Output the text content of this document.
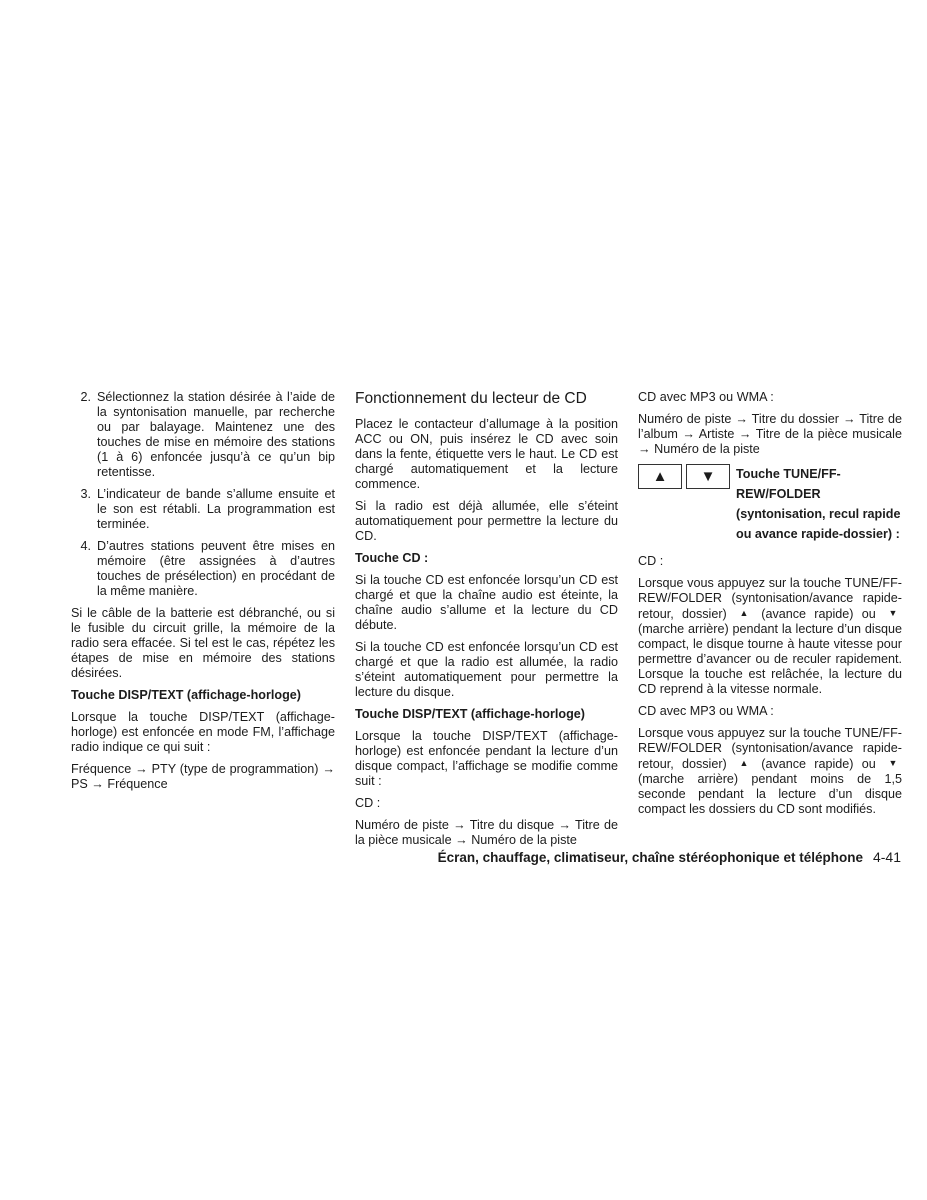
2. Sélectionnez la station désirée à l’aide de la syntonisation manuelle, par recherche ou par balayage. Maintenez une des touches de mise en mémoire des stations (1 à 6) enfoncée jusqu’à ce qu’un bip retentisse.
3. L’indicateur de bande s’allume ensuite et le son est rétabli. La programmation est terminée.
4. D’autres stations peuvent être mises en mémoire (être assignées à d’autres touches de présélection) en procédant de la même manière.

Si le câble de la batterie est débranché, ou si le fusible du circuit grille, la mémoire de la radio sera effacée. Si tel est le cas, répétez les étapes de mise en mémoire des stations désirées.

Touche DISP/TEXT (affichage-horloge)

Lorsque la touche DISP/TEXT (affichage-horloge) est enfoncée en mode FM, l’affichage radio indique ce qui suit :

Fréquence → PTY (type de programmation) → PS → Fréquence

Fonctionnement du lecteur de CD

Placez le contacteur d’allumage à la position ACC ou ON, puis insérez le CD avec soin dans la fente, étiquette vers le haut. Le CD est chargé automatiquement et la lecture commence.

Si la radio est déjà allumée, elle s’éteint automatiquement pour permettre la lecture du CD.

Touche CD :

Si la touche CD est enfoncée lorsqu’un CD est chargé et que la chaîne audio est éteinte, la chaîne audio s’allume et la lecture du CD débute.

Si la touche CD est enfoncée lorsqu’un CD est chargé et que la radio est allumée, la radio s’éteint automatiquement pour permettre la lecture du disque.

Touche DISP/TEXT (affichage-horloge)

Lorsque la touche DISP/TEXT (affichage-horloge) est enfoncée pendant la lecture d’un disque compact, l’affichage se modifie comme suit :

CD :

Numéro de piste → Titre du disque → Titre de la pièce musicale → Numéro de la piste

CD avec MP3 ou WMA :

Numéro de piste → Titre du dossier → Titre de l’album → Artiste → Titre de la pièce musicale → Numéro de la piste

▲ ▼ Touche TUNE/FF-REW/FOLDER (syntonisation, recul rapide ou avance rapide-dossier) :

CD :

Lorsque vous appuyez sur la touche TUNE/FF-REW/FOLDER (syntonisation/avance rapide-retour, dossier) ▲ (avance rapide) ou ▼ (marche arrière) pendant la lecture d’un disque compact, le disque tourne à haute vitesse pour permettre d’avancer ou de reculer rapidement. Lorsque la touche est relâchée, la lecture du CD reprend à la vitesse normale.

CD avec MP3 ou WMA :

Lorsque vous appuyez sur la touche TUNE/FF-REW/FOLDER (syntonisation/avance rapide-retour, dossier) ▲ (avance rapide) ou ▼ (marche arrière) pendant moins de 1,5 seconde pendant la lecture d’un disque compact les dossiers du CD sont modifiés.

Écran, chauffage, climatiseur, chaîne stéréophonique et téléphone 4-41
